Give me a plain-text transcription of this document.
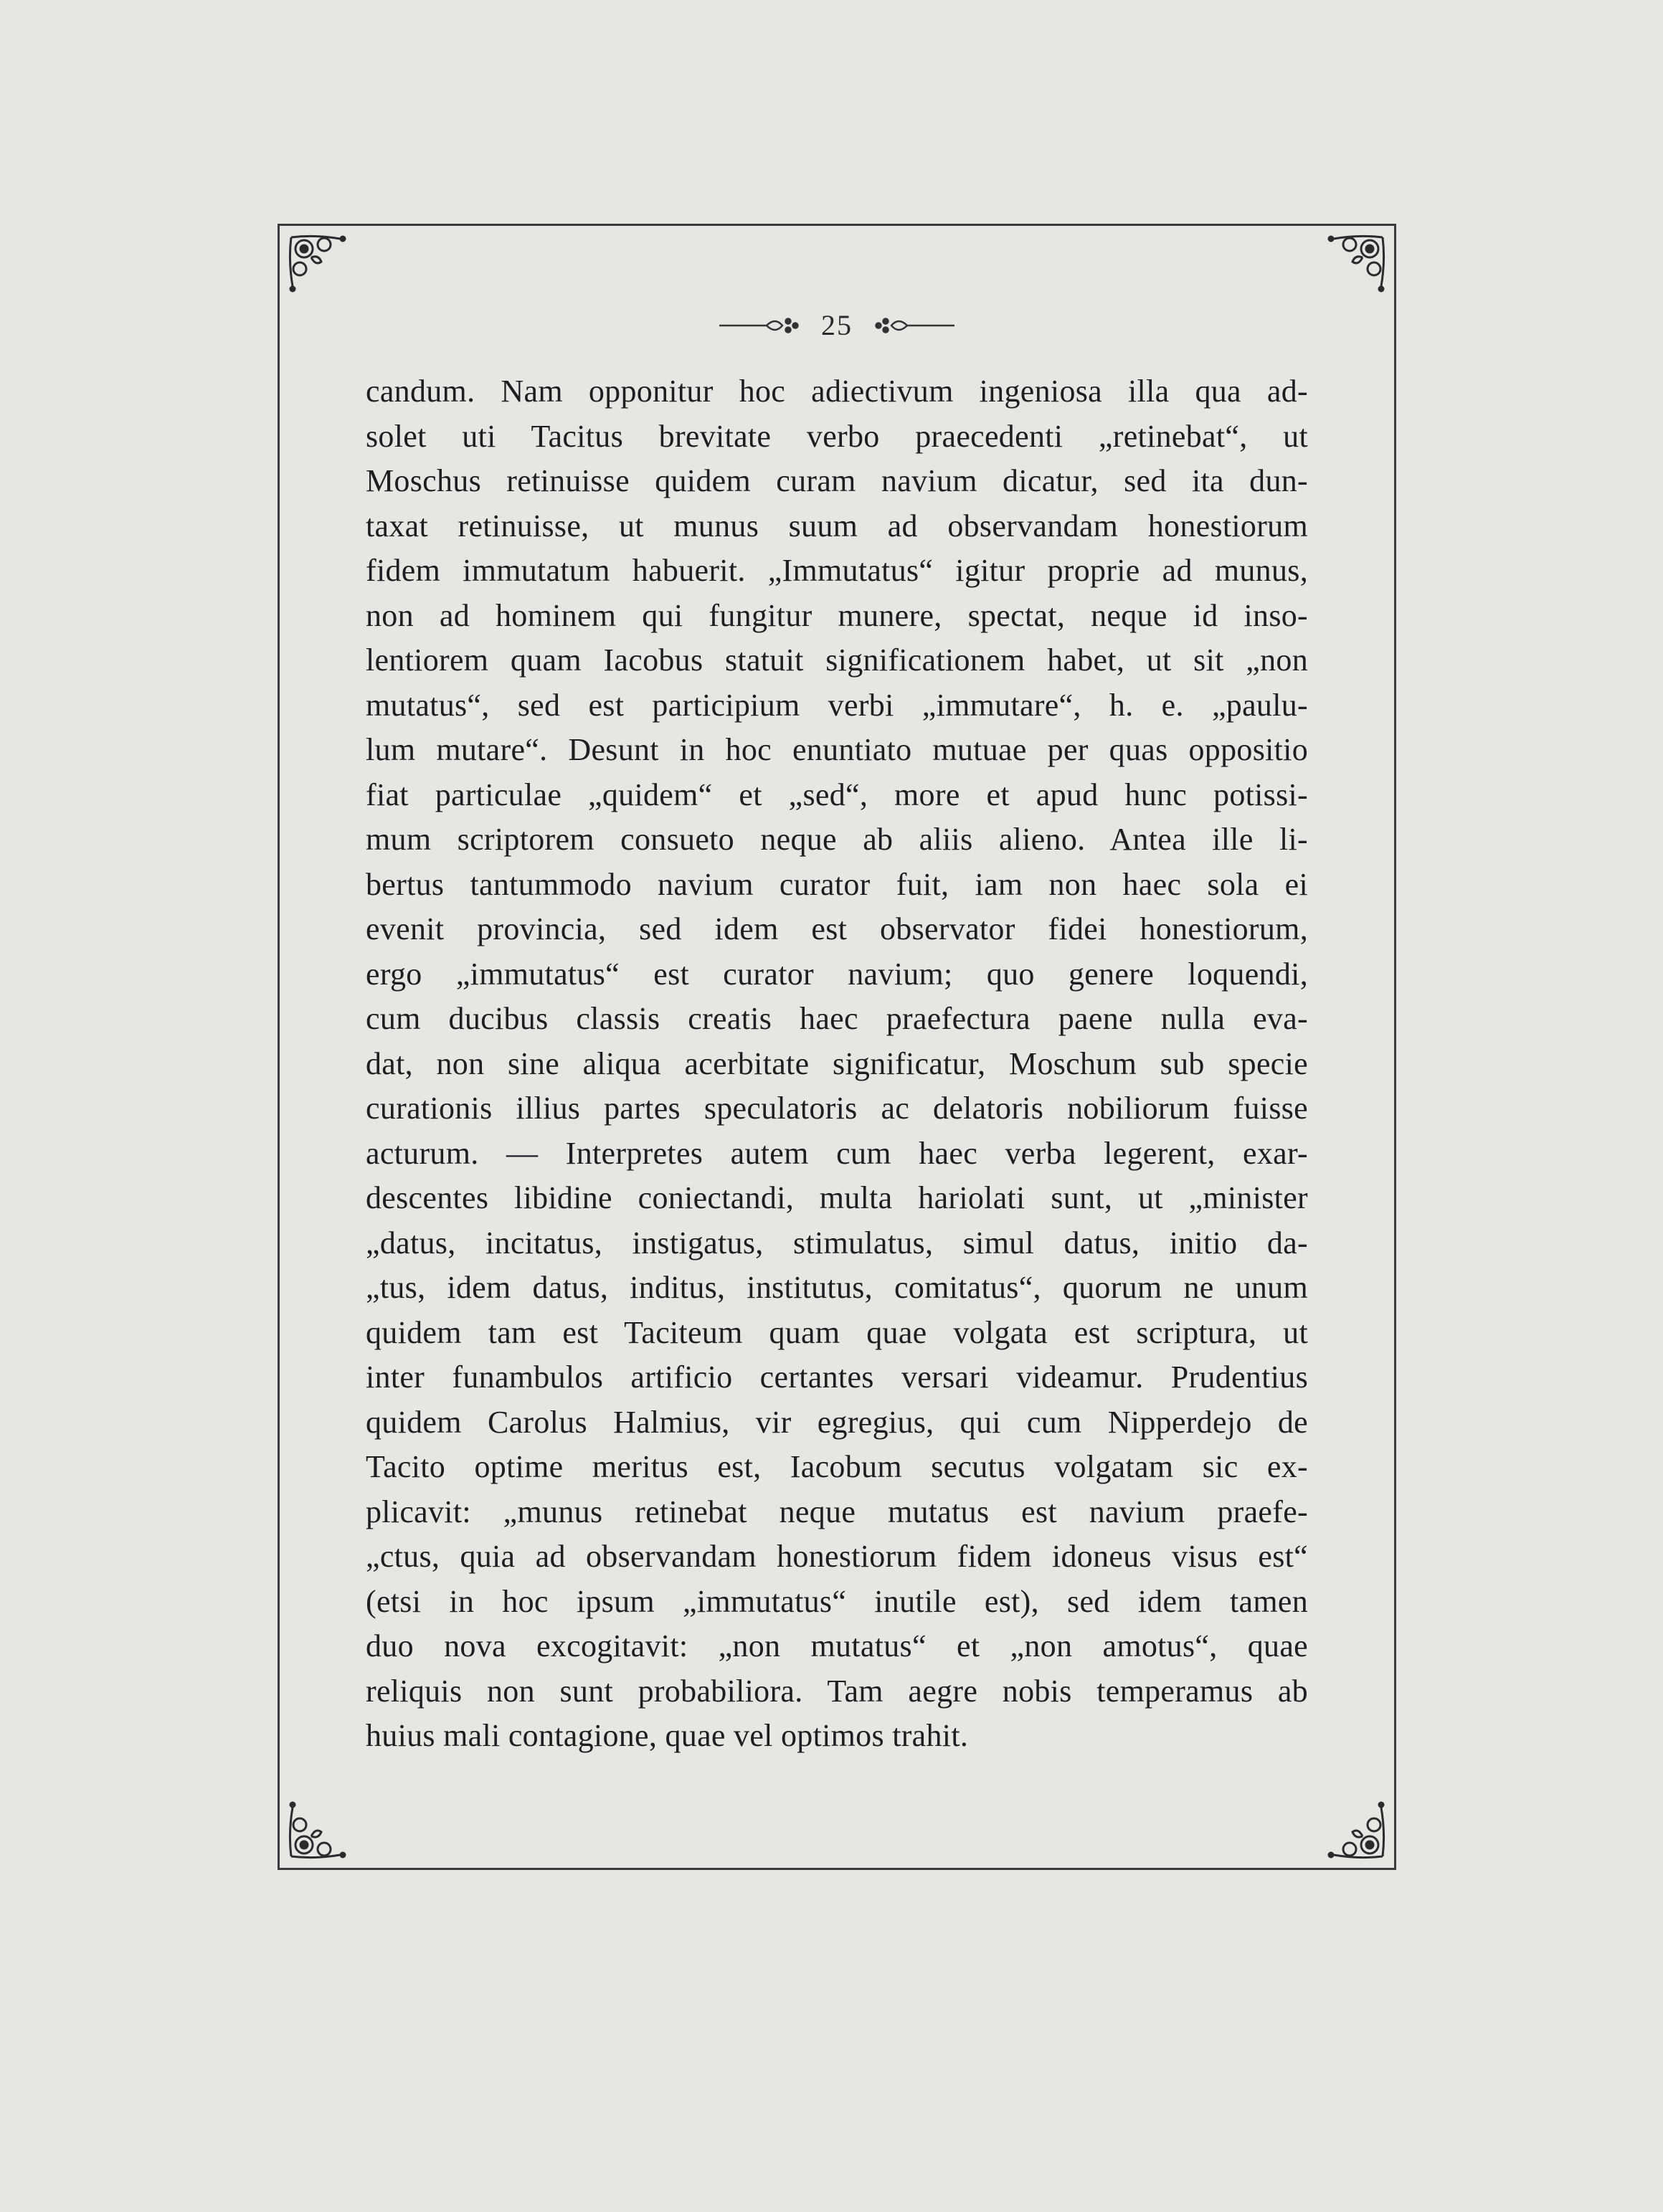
25
candum. Nam opponitur hoc adiectivum ingeniosa illa qua ad-
solet uti Tacitus brevitate verbo praecedenti „retinebat“, ut
Moschus retinuisse quidem curam navium dicatur, sed ita dun-
taxat retinuisse, ut munus suum ad observandam honestiorum
fidem immutatum habuerit. „Immutatus“ igitur proprie ad munus,
non ad hominem qui fungitur munere, spectat, neque id inso-
lentiorem quam Iacobus statuit significationem habet, ut sit „non
mutatus“, sed est participium verbi „immutare“, h. e. „paulu-
lum mutare“. Desunt in hoc enuntiato mutuae per quas oppositio
fiat particulae „quidem“ et „sed“, more et apud hunc potissi-
mum scriptorem consueto neque ab aliis alieno. Antea ille li-
bertus tantummodo navium curator fuit, iam non haec sola ei
evenit provincia, sed idem est observator fidei honestiorum,
ergo „immutatus“ est curator navium; quo genere loquendi,
cum ducibus classis creatis haec praefectura paene nulla eva-
dat, non sine aliqua acerbitate significatur, Moschum sub specie
curationis illius partes speculatoris ac delatoris nobiliorum fuisse
acturum. — Interpretes autem cum haec verba legerent, exar-
descentes libidine coniectandi, multa hariolati sunt, ut „minister
„datus, incitatus, instigatus, stimulatus, simul datus, initio da-
„tus, idem datus, inditus, institutus, comitatus“, quorum ne unum
quidem tam est Taciteum quam quae volgata est scriptura, ut
inter funambulos artificio certantes versari videamur. Prudentius
quidem Carolus Halmius, vir egregius, qui cum Nipperdejo de
Tacito optime meritus est, Iacobum secutus volgatam sic ex-
plicavit: „munus retinebat neque mutatus est navium praefe-
„ctus, quia ad observandam honestiorum fidem idoneus visus est“
(etsi in hoc ipsum „immutatus“ inutile est), sed idem tamen
duo nova excogitavit: „non mutatus“ et „non amotus“, quae
reliquis non sunt probabiliora. Tam aegre nobis temperamus ab
huius mali contagione, quae vel optimos trahit.
